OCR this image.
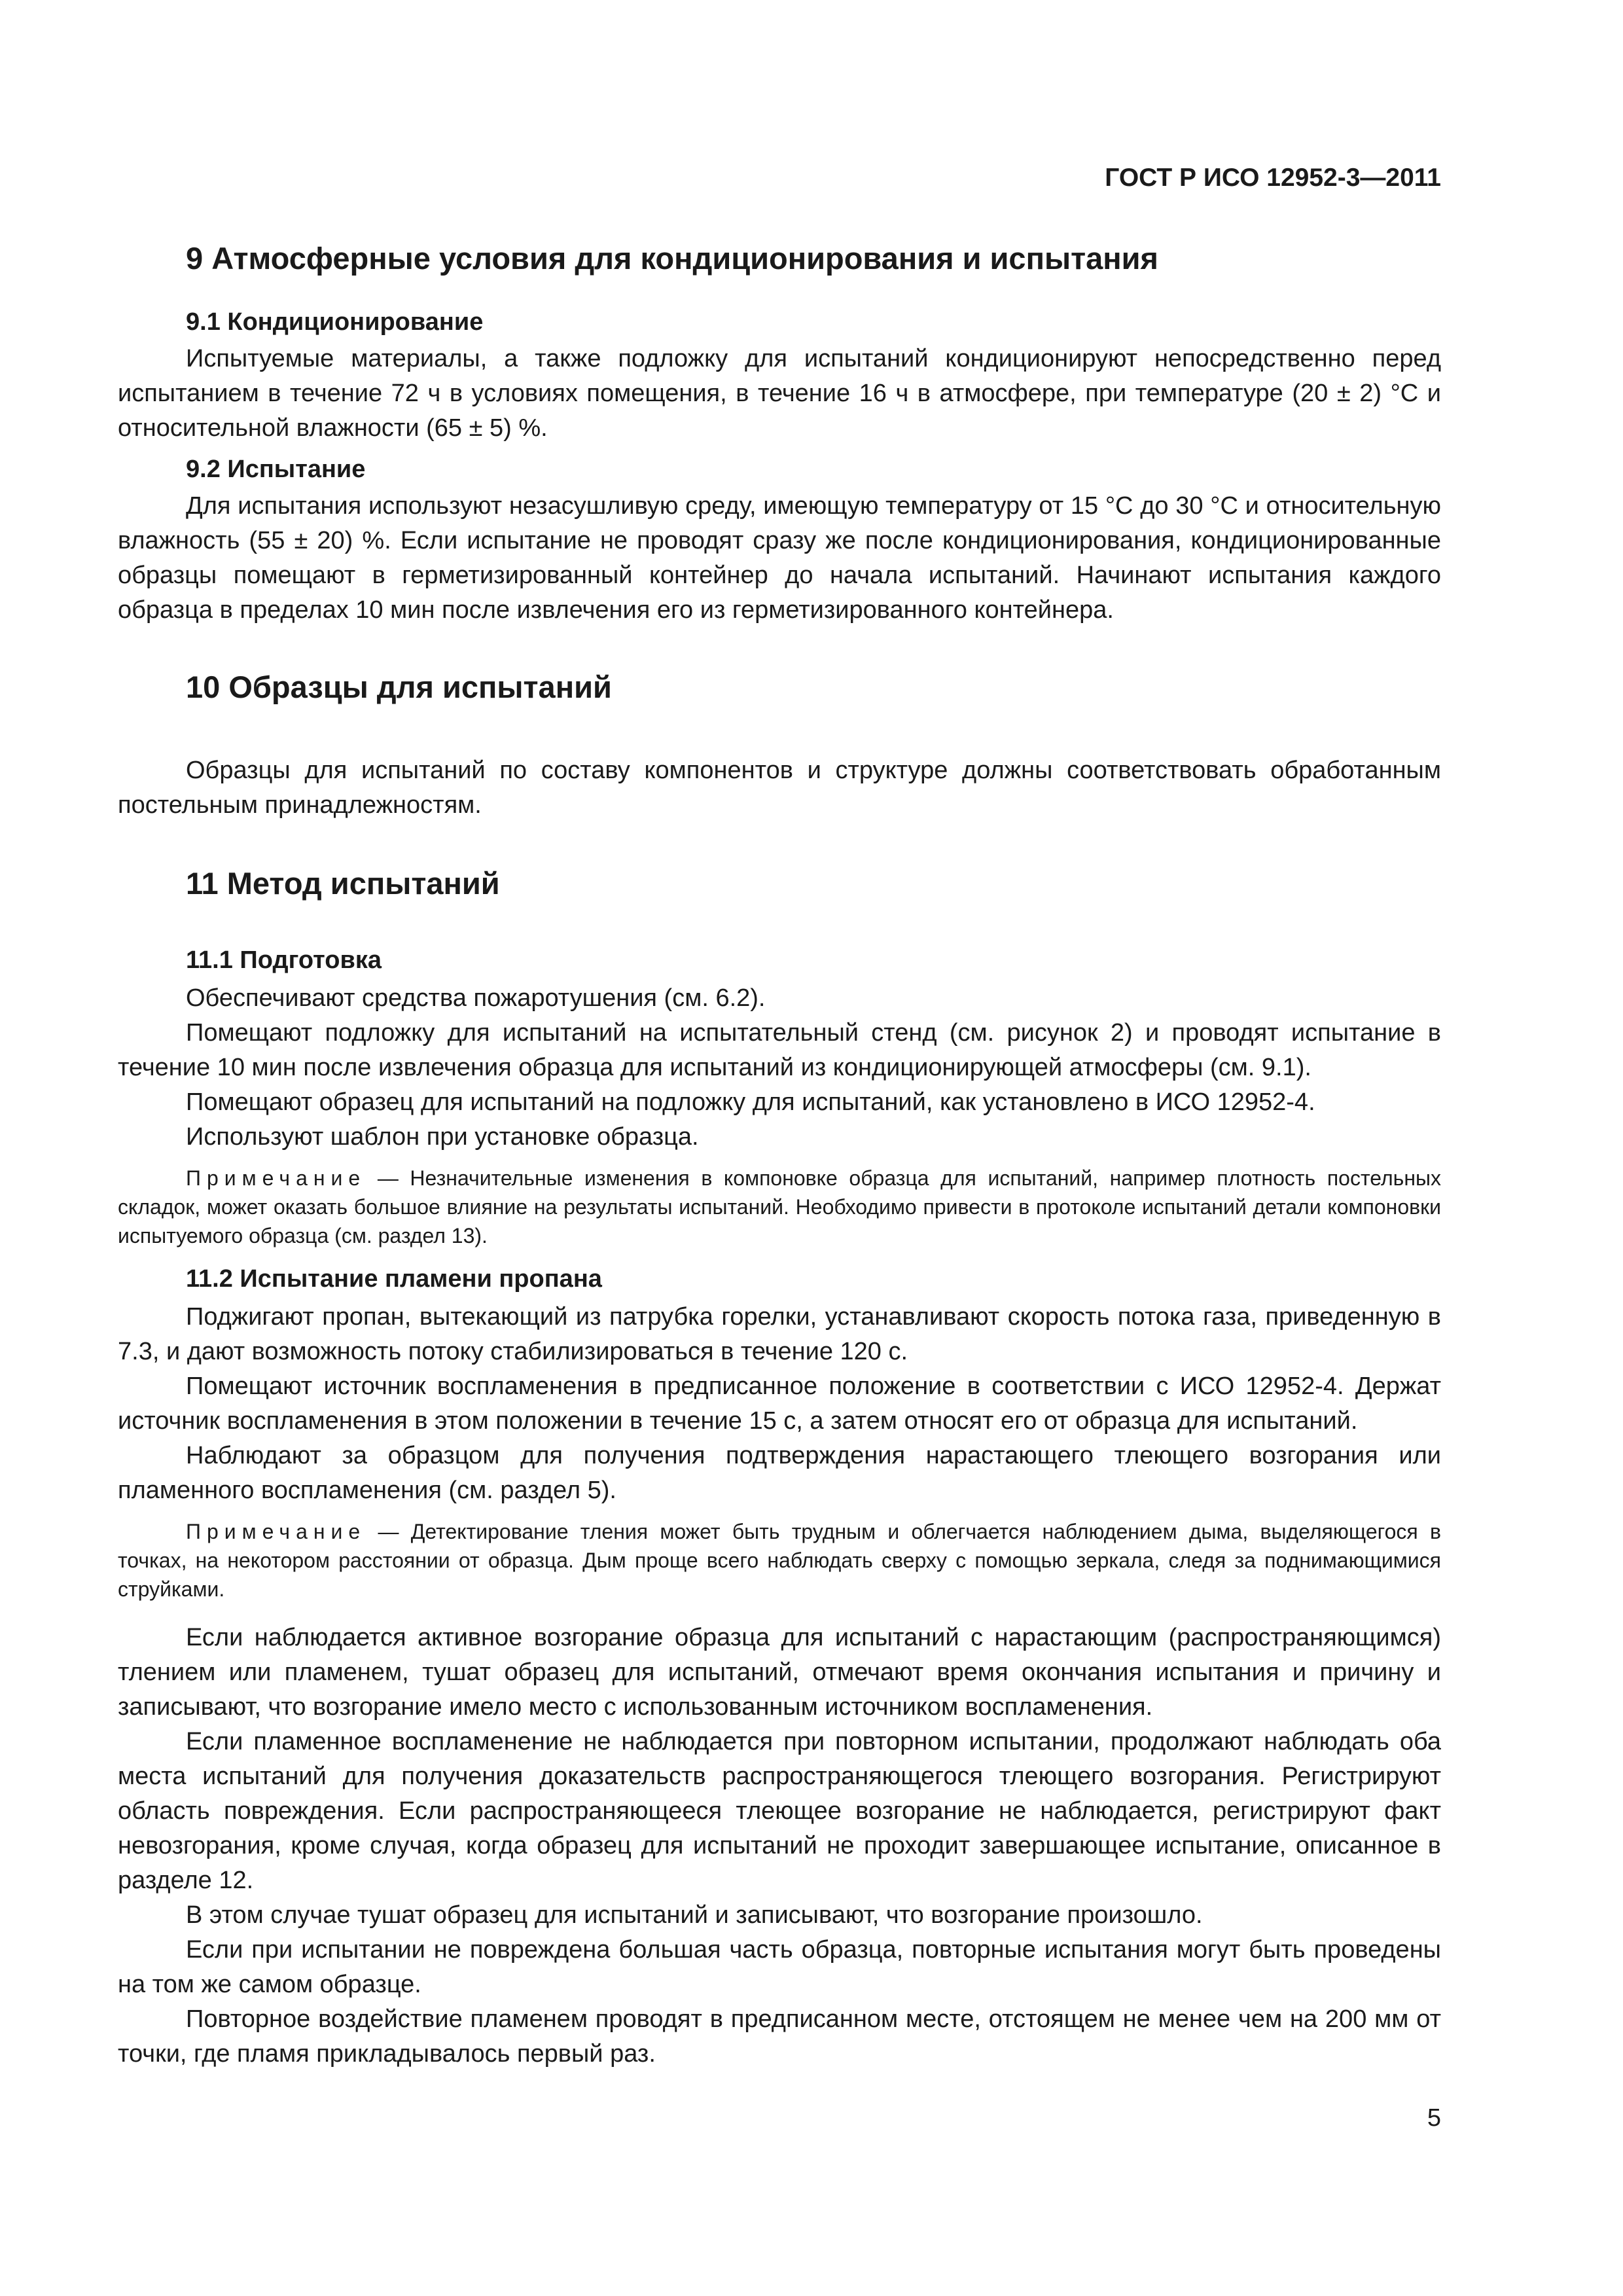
ГОСТ Р ИСО 12952-3—2011
9 Атмосферные условия для кондиционирования и испытания
9.1 Кондиционирование

Испытуемые материалы, а также подложку для испытаний кондиционируют непосредственно перед испытанием в течение 72 ч в условиях помещения, в течение 16 ч в атмосфере, при температуре (20 ± 2) °С и относительной влажности (65 ± 5) %.

9.2 Испытание

Для испытания используют незасушливую среду, имеющую температуру от 15 °С до 30 °С и относительную влажность (55 ± 20) %. Если испытание не проводят сразу же после кондиционирования, кондиционированные образцы помещают в герметизированный контейнер до начала испытаний. Начинают испытания каждого образца в пределах 10 мин после извлечения его из герметизированного контейнера.

10 Образцы для испытаний

Образцы для испытаний по составу компонентов и структуре должны соответствовать обработанным постельным принадлежностям.

11 Метод испытаний
11.1 Подготовка

Обеспечивают средства пожаротушения (см. 6.2).

Помещают подложку для испытаний на испытательный стенд (см. рисунок 2) и проводят испытание в течение 10 мин после извлечения образца для испытаний из кондиционирующей атмосферы (см. 9.1).

Помещают образец для испытаний на подложку для испытаний, как установлено в ИСО 12952-4.

Используют шаблон при установке образца.

Примечание — Незначительные изменения в компоновке образца для испытаний, например плотность постельных складок, может оказать большое влияние на результаты испытаний. Необходимо привести в протоколе испытаний детали компоновки испытуемого образца (см. раздел 13).

11.2 Испытание пламени пропана

Поджигают пропан, вытекающий из патрубка горелки, устанавливают скорость потока газа, приведенную в 7.3, и дают возможность потоку стабилизироваться в течение 120 с.

Помещают источник воспламенения в предписанное положение в соответствии с ИСО 12952-4. Держат источник воспламенения в этом положении в течение 15 с, а затем относят его от образца для испытаний.

Наблюдают за образцом для получения подтверждения нарастающего тлеющего возгорания или пламенного воспламенения (см. раздел 5).

Примечание — Детектирование тления может быть трудным и облегчается наблюдением дыма, выделяющегося в точках, на некотором расстоянии от образца. Дым проще всего наблюдать сверху с помощью зеркала, следя за поднимающимися струйками.

Если наблюдается активное возгорание образца для испытаний с нарастающим (распространяющимся) тлением или пламенем, тушат образец для испытаний, отмечают время окончания испытания и причину и записывают, что возгорание имело место с использованным источником воспламенения.

Если пламенное воспламенение не наблюдается при повторном испытании, продолжают наблюдать оба места испытаний для получения доказательств распространяющегося тлеющего возгорания. Регистрируют область повреждения. Если распространяющееся тлеющее возгорание не наблюдается, регистрируют факт невозгорания, кроме случая, когда образец для испытаний не проходит завершающее испытание, описанное в разделе 12.

В этом случае тушат образец для испытаний и записывают, что возгорание произошло.

Если при испытании не повреждена большая часть образца, повторные испытания могут быть проведены на том же самом образце.

Повторное воздействие пламенем проводят в предписанном месте, отстоящем не менее чем на 200 мм от точки, где пламя прикладывалось первый раз.

5
